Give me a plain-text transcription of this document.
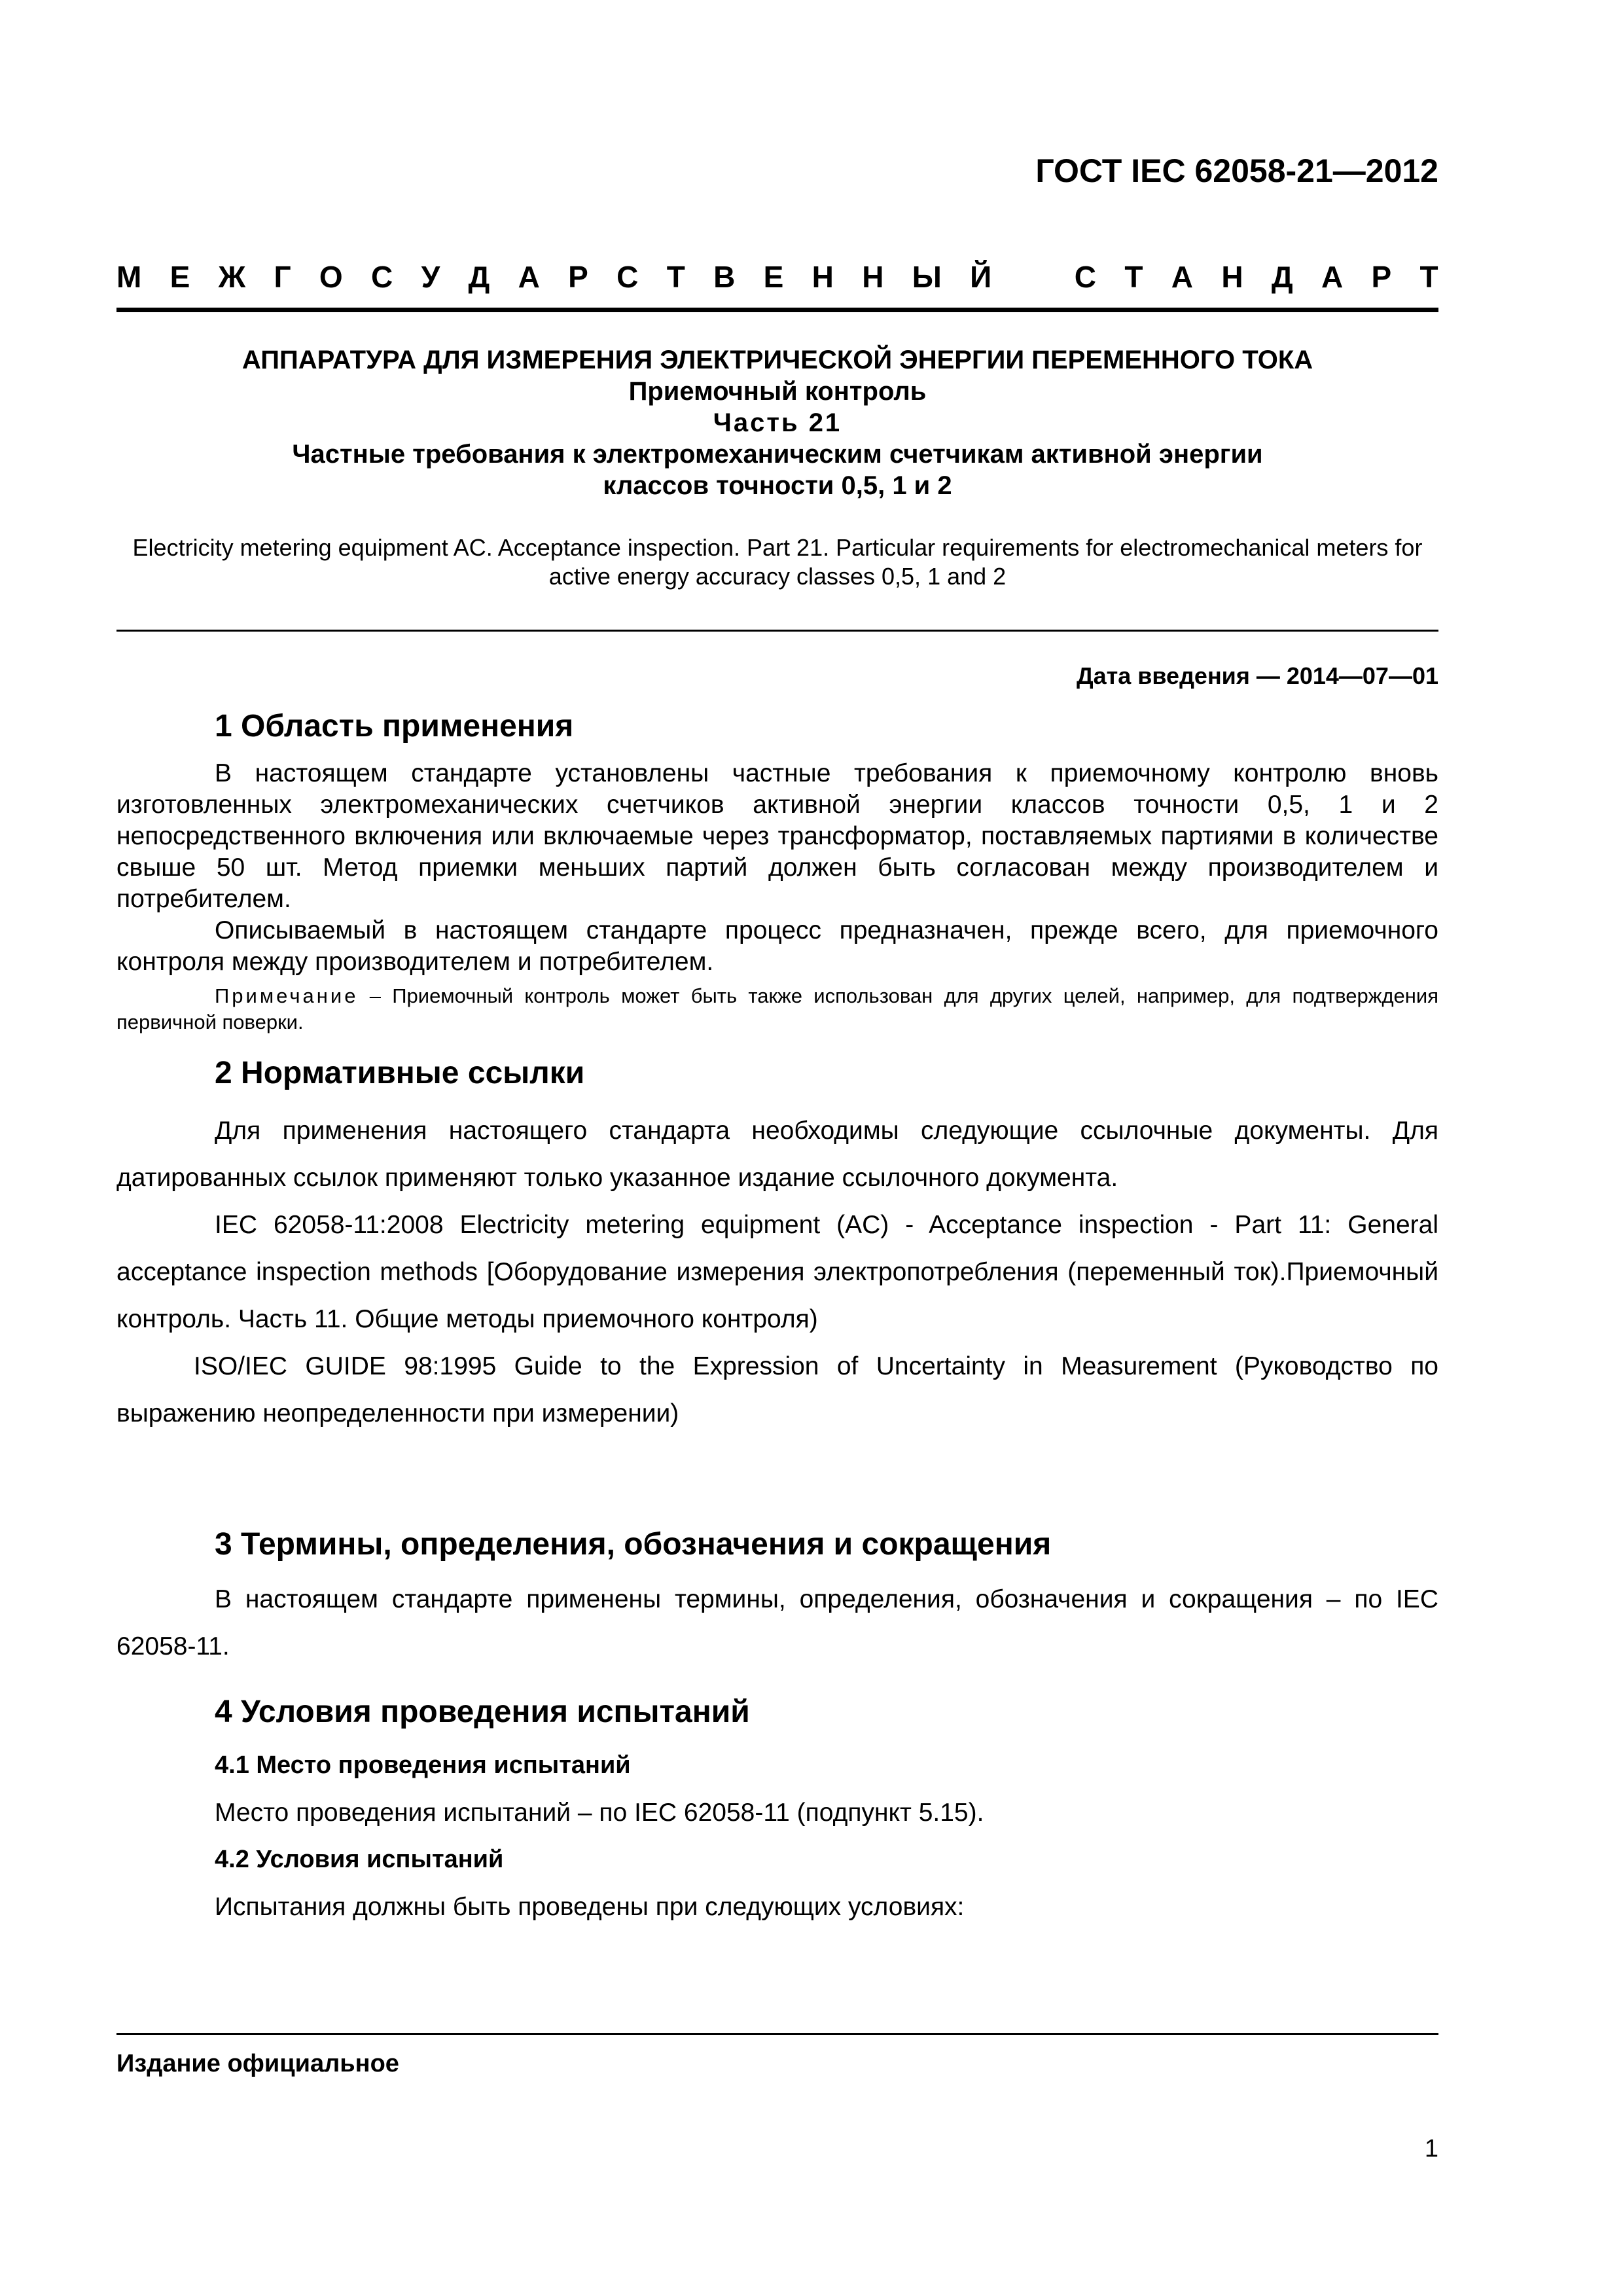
ГОСТ IEC 62058-21—2012
М Е Ж Г О С У Д А Р С Т В Е Н Н Ы Й	С Т А Н Д А Р Т
АППАРАТУРА ДЛЯ ИЗМЕРЕНИЯ ЭЛЕКТРИЧЕСКОЙ ЭНЕРГИИ ПЕРЕМЕННОГО ТОКА
Приемочный контроль
Часть 21
Частные требования к электромеханическим счетчикам активной энергии
классов точности 0,5, 1 и 2
Electricity metering equipment AC. Acceptance inspection. Part 21. Particular requirements for electromechanical meters for active energy accuracy classes 0,5, 1 and 2
Дата введения — 2014—07—01
1 Область применения
В настоящем стандарте установлены частные требования к приемочному контролю вновь изготовленных электромеханических счетчиков активной энергии классов точности 0,5, 1 и 2 непосредственного включения или включаемые через трансформатор, поставляемых партиями в количестве свыше 50 шт. Метод приемки меньших партий должен быть согласован между производителем и потребителем.
Описываемый в настоящем стандарте процесс предназначен, прежде всего, для приемочного контроля между производителем и потребителем.
Примечание – Приемочный контроль может быть также использован для других целей, например, для подтверждения первичной поверки.
2 Нормативные ссылки
Для применения настоящего стандарта необходимы следующие ссылочные документы. Для датированных ссылок применяют только указанное издание ссылочного документа.
IEC 62058-11:2008 Electricity metering equipment (AC) - Acceptance inspection - Part 11: General acceptance inspection methods [Оборудование измерения электропотребления (переменный ток).Приемочный контроль. Часть 11. Общие методы приемочного контроля)
ISO/IEC GUIDE 98:1995 Guide to the Expression of Uncertainty in Measurement (Руководство по выражению неопределенности при измерении)
3 Термины, определения, обозначения и сокращения
В настоящем стандарте применены термины, определения, обозначения и сокращения – по IEC 62058-11.
4 Условия проведения испытаний
4.1 Место проведения испытаний
Место проведения испытаний – по IEC 62058-11 (подпункт 5.15).
4.2 Условия испытаний
Испытания должны быть проведены при следующих условиях:
Издание официальное
1
